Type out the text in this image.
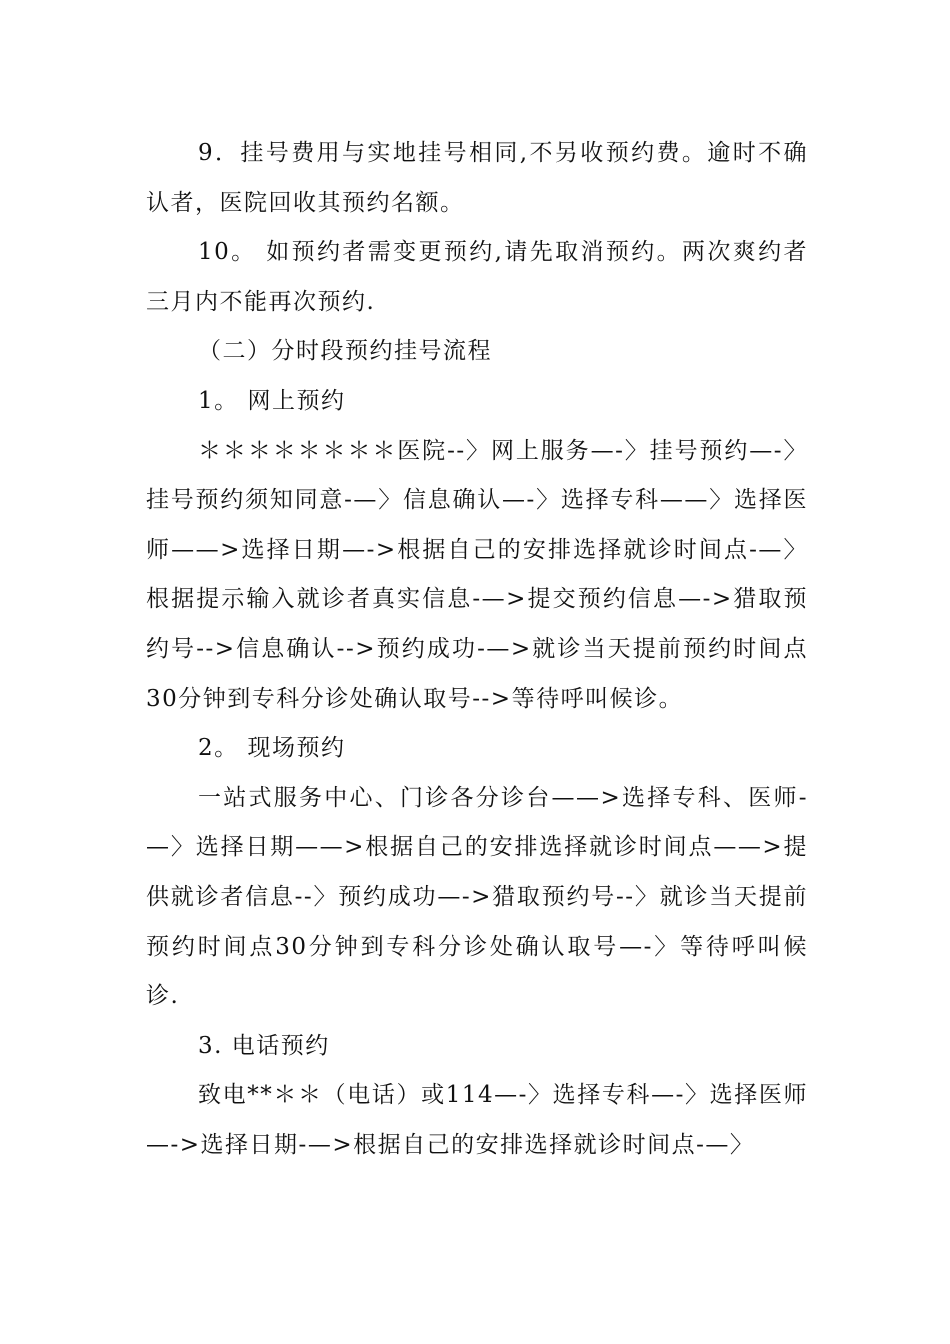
9．挂号费用与实地挂号相同,不另收预约费。逾时不确认者，医院回收其预约名额。

10。 如预约者需变更预约,请先取消预约。两次爽约者三月内不能再次预约.

（二）分时段预约挂号流程

1。 网上预约

＊＊＊＊＊＊＊＊医院--〉网上服务—-〉挂号预约—-〉挂号预约须知同意-—〉信息确认—-〉选择专科——〉选择医师——>选择日期—->根据自己的安排选择就诊时间点-—〉根据提示输入就诊者真实信息-—>提交预约信息—->猎取预约号-->信息确认-->预约成功-—>就诊当天提前预约时间点30分钟到专科分诊处确认取号-->等待呼叫候诊。

2。 现场预约

一站式服务中心、门诊各分诊台——>选择专科、医师-—〉选择日期——>根据自己的安排选择就诊时间点——>提供就诊者信息--〉预约成功—->猎取预约号--〉就诊当天提前预约时间点30分钟到专科分诊处确认取号—-〉等待呼叫候诊.

3. 电话预约

致电**＊＊（电话）或114—-〉选择专科—-〉选择医师—->选择日期-—>根据自己的安排选择就诊时间点-—〉
